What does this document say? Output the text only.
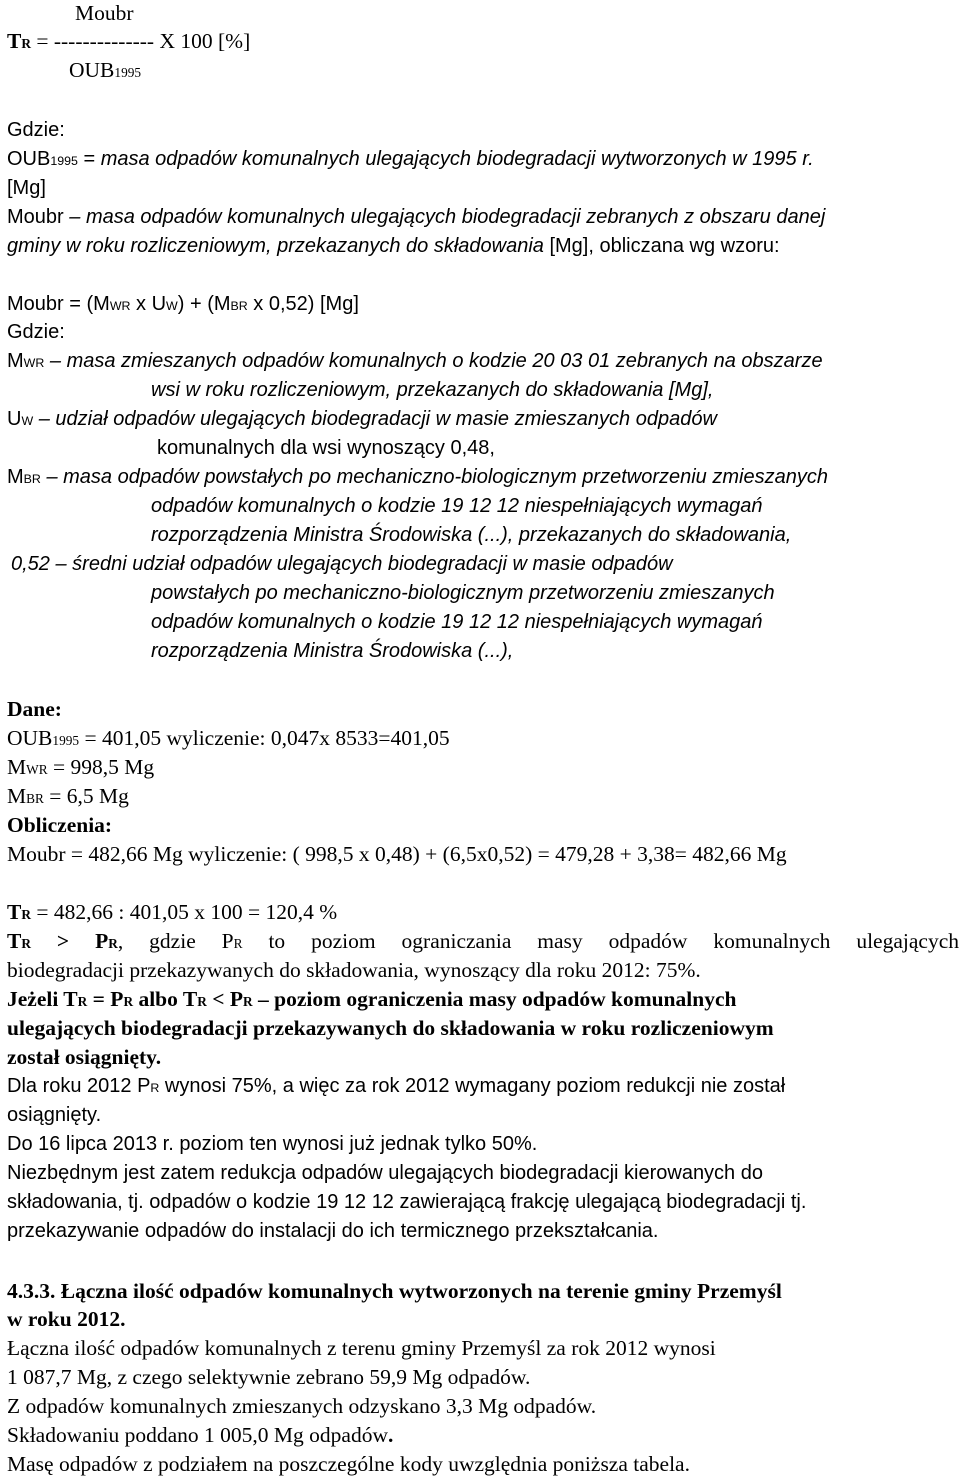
Moubr
TR = -------------- X 100 [%]
OUB1995
Gdzie:
OUB1995 = masa odpadów komunalnych ulegających biodegradacji wytworzonych w 1995 r.
[Mg]
Moubr – masa odpadów komunalnych ulegających biodegradacji zebranych z obszaru danej
gminy w roku rozliczeniowym, przekazanych do składowania [Mg], obliczana wg wzoru:
Moubr = (MWR x UW) + (MBR x 0,52) [Mg]
Gdzie:
MWR – masa zmieszanych odpadów komunalnych o kodzie 20 03 01 zebranych na obszarze
wsi w roku rozliczeniowym, przekazanych do składowania [Mg],
UW – udział odpadów ulegających biodegradacji w masie zmieszanych odpadów
komunalnych dla wsi wynoszący 0,48,
MBR – masa odpadów powstałych po mechaniczno-biologicznym przetworzeniu zmieszanych
odpadów komunalnych o kodzie 19 12 12 niespełniających wymagań
rozporządzenia Ministra Środowiska (...), przekazanych do składowania,
0,52 – średni udział odpadów ulegających biodegradacji w masie odpadów
powstałych po mechaniczno-biologicznym przetworzeniu zmieszanych
odpadów komunalnych o kodzie 19 12 12 niespełniających wymagań
rozporządzenia Ministra Środowiska (...),
Dane:
OUB1995 = 401,05 wyliczenie: 0,047x 8533=401,05
MWR = 998,5 Mg
MBR = 6,5 Mg
Obliczenia:
Moubr = 482,66 Mg wyliczenie: ( 998,5 x 0,48) + (6,5x0,52) = 479,28 + 3,38= 482,66 Mg
TR = 482,66 : 401,05 x 100 = 120,4 %
TR > PR, gdzie PR to poziom ograniczania masy odpadów komunalnych ulegających
biodegradacji przekazywanych do składowania, wynoszący dla roku 2012: 75%.
Jeżeli TR = PR albo TR < PR – poziom ograniczenia masy odpadów komunalnych
ulegających biodegradacji przekazywanych do składowania w roku rozliczeniowym
został osiągnięty.
Dla roku 2012 PR wynosi 75%, a więc za rok 2012 wymagany poziom redukcji nie został
osiągnięty.
Do 16 lipca 2013 r. poziom ten wynosi już jednak tylko 50%.
Niezbędnym jest zatem redukcja odpadów ulegających biodegradacji kierowanych do
składowania, tj. odpadów o kodzie 19 12 12 zawierającą frakcję ulegającą biodegradacji tj.
przekazywanie odpadów do instalacji do ich termicznego przekształcania.
4.3.3. Łączna ilość odpadów komunalnych wytworzonych na terenie gminy Przemyśl
w roku 2012.
Łączna ilość odpadów komunalnych z terenu gminy Przemyśl za rok 2012 wynosi
1 087,7 Mg, z czego selektywnie zebrano 59,9 Mg odpadów.
Z odpadów komunalnych zmieszanych odzyskano 3,3 Mg odpadów.
Składowaniu poddano 1 005,0 Mg odpadów.
Masę odpadów z podziałem na poszczególne kody uwzględnia poniższa tabela.
